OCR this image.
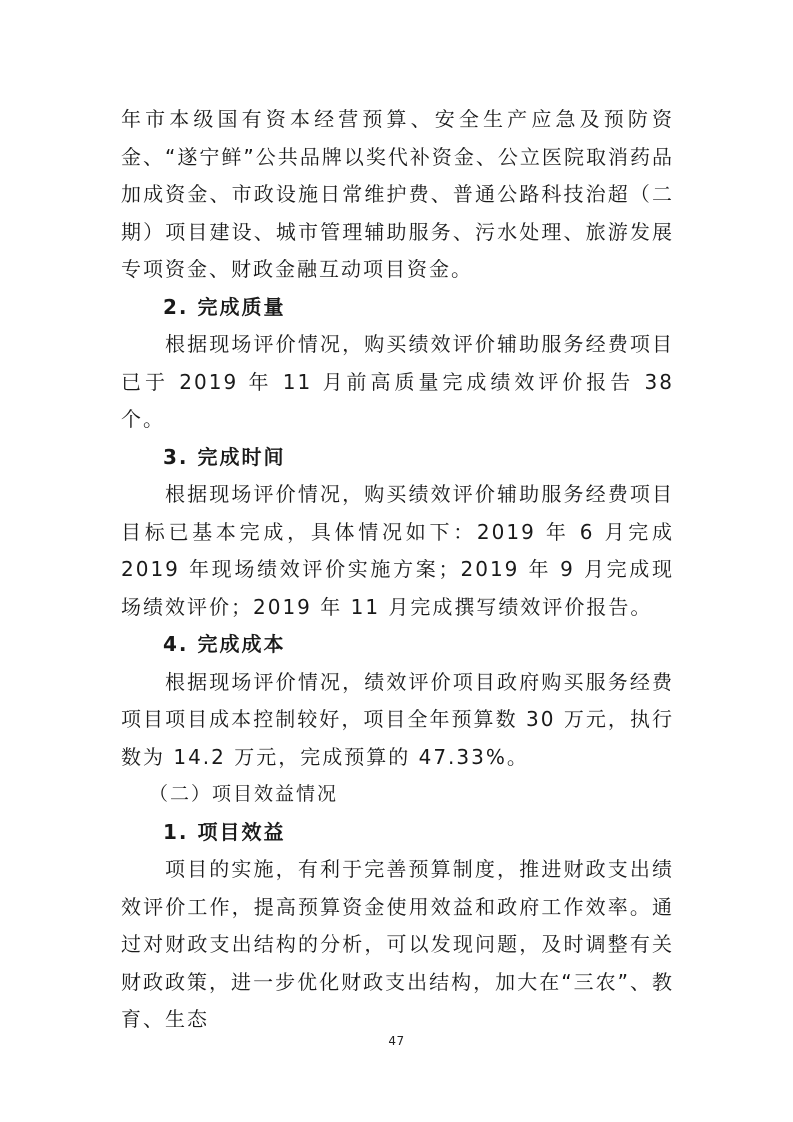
年市本级国有资本经营预算、安全生产应急及预防资金、“遂宁鲜”公共品牌以奖代补资金、公立医院取消药品加成资金、市政设施日常维护费、普通公路科技治超（二期）项目建设、城市管理辅助服务、污水处理、旅游发展专项资金、财政金融互动项目资金。

2. 完成质量

根据现场评价情况，购买绩效评价辅助服务经费项目已于 2019 年 11 月前高质量完成绩效评价报告 38 个。

3. 完成时间

根据现场评价情况，购买绩效评价辅助服务经费项目目标已基本完成，具体情况如下：2019 年 6 月完成 2019 年现场绩效评价实施方案；2019 年 9 月完成现场绩效评价；2019 年 11 月完成撰写绩效评价报告。

4. 完成成本

根据现场评价情况，绩效评价项目政府购买服务经费项目项目成本控制较好，项目全年预算数 30 万元，执行数为 14.2 万元，完成预算的 47.33%。

（二）项目效益情况

1. 项目效益

项目的实施，有利于完善预算制度，推进财政支出绩效评价工作，提高预算资金使用效益和政府工作效率。通过对财政支出结构的分析，可以发现问题，及时调整有关财政政策，进一步优化财政支出结构，加大在“三农”、教育、生态

47
